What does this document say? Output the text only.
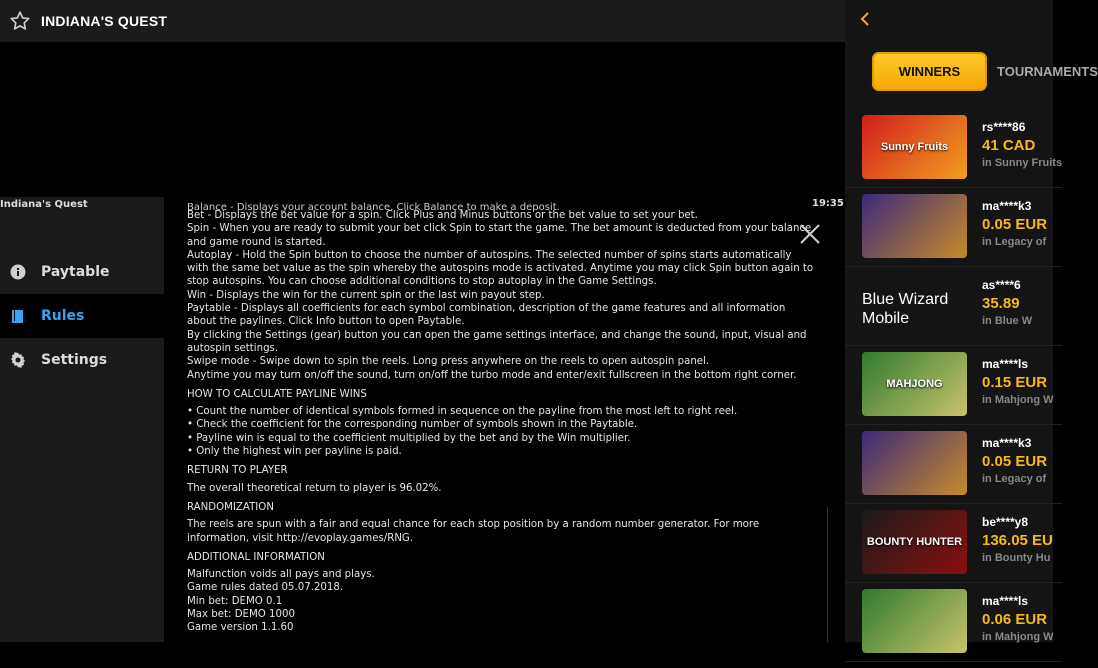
INDIANA'S QUEST
Indiana's Quest
Paytable
Rules
Settings
19:35
Balance - Displays your account balance. Click Balance to make a deposit.

Bet - Displays the bet value for a spin. Click Plus and Minus buttons or the bet value to set your bet.

Spin - When you are ready to submit your bet click Spin to start the game. The bet amount is deducted from your balance and game round is started.

Autoplay - Hold the Spin button to choose the number of autospins. The selected number of spins starts automatically with the same bet value as the spin whereby the autospins mode is activated. Anytime you may click Spin button again to stop autospins. You can choose additional conditions to stop autoplay in the Game Settings.

Win - Displays the win for the current spin or the last win payout step.

Paytable - Displays all coefficients for each symbol combination, description of the game features and all information about the paylines. Click Info button to open Paytable.

By clicking the Settings (gear) button you can open the game settings interface, and change the sound, input, visual and autospin settings.

Swipe mode - Swipe down to spin the reels. Long press anywhere on the reels to open autospin panel.

Anytime you may turn on/off the sound, turn on/off the turbo mode and enter/exit fullscreen in the bottom right corner.

HOW TO CALCULATE PAYLINE WINS

• Count the number of identical symbols formed in sequence on the payline from the most left to right reel.

• Check the coefficient for the corresponding number of symbols shown in the Paytable.

• Payline win is equal to the coefficient multiplied by the bet and by the Win multiplier.

• Only the highest win per payline is paid.

RETURN TO PLAYER

The overall theoretical return to player is 96.02%.

RANDOMIZATION

The reels are spun with a fair and equal chance for each stop position by a random number generator. For more information, visit http://evoplay.games/RNG.

ADDITIONAL INFORMATION

Malfunction voids all pays and plays.

Game rules dated 05.07.2018.

Min bet: DEMO 0.1

Max bet: DEMO 1000

Game version 1.1.60

WINNERS	TOURNAMENTS
Sunny Fruits
rs****86
41 CAD
in Sunny Fruits
ma****k3
0.05 EUR
in Legacy of
Blue Wizard Mobile
as****6
35.89
in Blue W
MAHJONG
ma****ls
0.15 EUR
in Mahjong W
ma****k3
0.05 EUR
in Legacy of
BOUNTY HUNTER
be****y8
136.05 EU
in Bounty Hu
ma****ls
0.06 EUR
in Mahjong W
